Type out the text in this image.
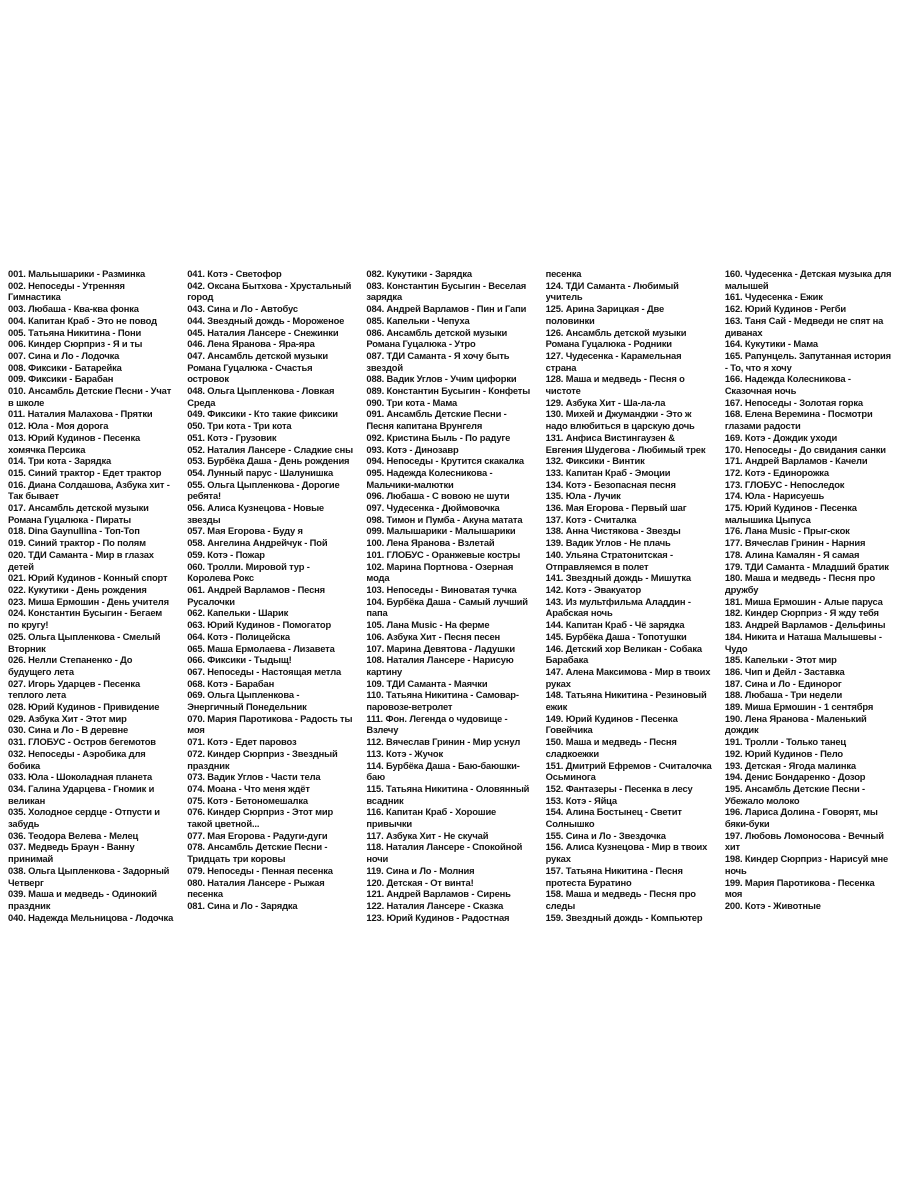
001. Мальышарики - Разминка

002. Непоседы - Утренняя Гимнастика

003. Любаша - Ква-ква фонка

004. Капитан Краб - Это не повод

005. Татьяна Никитина - Пони

006. Киндер Сюрприз - Я и ты

007. Сина и Ло - Лодочка

008. Фиксики - Батарейка

009. Фиксики - Барабан

010. Ансамбль Детские Песни - Учат в школе

011. Наталия Малахова - Прятки

012. Юла - Моя дорога

013. Юрий Кудинов - Песенка хомячка Персика

014. Три кота - Зарядка

015. Синий трактор - Едет трактор

016. Диана Солдашова, Азбука хит - Так бывает

017. Ансамбль детской музыки Романа Гуцалюка - Пираты

018. Dina Gaynullina - Топ-Топ

019. Синий трактор - По полям

020. ТДИ Саманта - Мир в глазах детей

021. Юрий Кудинов - Конный спорт

022. Кукутики - День рождения

023. Миша Ермошин - День учителя

024. Константин Бусыгин - Бегаем по кругу!

025. Ольга Цыпленкова - Смелый Вторник

026. Нелли Степаненко - До будущего лета

027. Игорь Ударцев - Песенка теплого лета

028. Юрий Кудинов - Привидение

029. Азбука Хит - Этот мир

030. Сина и Ло - В деревне

031. ГЛОБУС - Остров бегемотов

032. Непоседы - Аэробика для бобика

033. Юла - Шоколадная планета

034. Галина Ударцева - Гномик и великан

035. Холодное сердце - Отпусти и забудь

036. Теодора Велева - Мелец

037. Медведь Браун - Ванну принимай

038. Ольга Цыпленкова - Задорный Четверг

039. Маша и медведь - Одинокий праздник

040. Надежда Мельницова - Лодочка

041. Котэ - Светофор

042. Оксана Бытхова - Хрустальный город

043. Сина и Ло - Автобус

044. Звездный дождь - Мороженое

045. Наталия Лансере - Снежинки

046. Лена Яранова - Яра-яра

047. Ансамбль детской музыки Романа Гуцалюка - Счастья островок

048. Ольга Цыпленкова - Ловкая Среда

049. Фиксики - Кто такие фиксики

050. Три кота - Три кота

051. Котэ - Грузовик

052. Наталия Лансере - Сладкие сны

053. Бурбёка Даша - День рождения

054. Лунный парус - Шалунишка

055. Ольга Цыпленкова - Дорогие ребята!

056. Алиса Кузнецова - Новые звезды

057. Мая Егорова - Буду я

058. Ангелина Андрейчук - Пой

059. Котэ - Пожар

060. Тролли. Мировой тур - Королева Рокс

061. Андрей Варламов - Песня Русалочки

062. Капельки - Шарик

063. Юрий Кудинов - Помогатор

064. Котэ - Полицейска

065. Маша Ермолаева - Лизавета

066. Фиксики - Тыдыщ!

067. Непоседы - Настоящая метла

068. Котэ - Барабан

069. Ольга Цыпленкова - Энергичный Понедельник

070. Мария Паротикова - Радость ты моя

071. Котэ - Едет паровоз

072. Киндер Сюрприз - Звездный праздник

073. Вадик Углов - Части тела

074. Моана - Что меня ждёт

075. Котэ - Бетономешалка

076. Киндер Сюрприз - Этот мир такой цветной...

077. Мая Егорова - Радуги-дуги

078. Ансамбль Детские Песни - Тридцать три коровы

079. Непоседы - Пенная песенка

080. Наталия Лансере - Рыжая песенка

081. Сина и Ло - Зарядка

082. Кукутики - Зарядка

083. Константин Бусыгин - Веселая зарядка

084. Андрей Варламов - Пин и Гапи

085. Капельки - Чепуха

086. Ансамбль детской музыки Романа Гуцалюка - Утро

087. ТДИ Саманта - Я хочу быть звездой

088. Вадик Углов - Учим цифорки

089. Константин Бусыгин - Конфеты

090. Три кота - Мама

091. Ансамбль Детские Песни - Песня капитана Врунгеля

092. Кристина Быль - По радуге

093. Котэ - Динозавр

094. Непоседы - Крутится скакалка

095. Надежда Колесникова - Мальчики-малютки

096. Любаша - С вовою не шути

097. Чудесенка - Дюймовочка

098. Тимон и Пумба - Акуна матата

099. Малышарики - Малышарики

100. Лена Яранова - Взлетай

101. ГЛОБУС - Оранжевые костры

102. Марина Портнова - Озерная мода

103. Непоседы - Виноватая тучка

104. Бурбёка Даша - Самый лучший папа

105. Лана Music - На ферме

106. Азбука Хит - Песня песен

107. Марина Девятова - Ладушки

108. Наталия Лансере - Нарисую картину

109. ТДИ Саманта - Маячки

110. Татьяна Никитина - Самовар-паровозе-ветролет

111. Фон. Легенда о чудовище - Взлечу

112. Вячеслав Гринин - Мир уснул

113. Котэ - Жучок

114. Бурбёка Даша - Баю-баюшки-баю

115. Татьяна Никитина - Оловянный всадник

116. Капитан Краб - Хорошие привычки

117. Азбука Хит - Не скучай

118. Наталия Лансере - Спокойной ночи

119. Сина и Ло - Молния

120. Детская - От винта!

121. Андрей Варламов - Сирень

122. Наталия Лансере - Сказка

123. Юрий Кудинов - Радостная

песенка

124. ТДИ Саманта - Любимый учитель

125. Арина Зарицкая - Две половинки

126. Ансамбль детской музыки Романа Гуцалюка - Родники

127. Чудесенка - Карамельная страна

128. Маша и медведь - Песня о чистоте

129. Азбука Хит - Ша-ла-ла

130. Михей и Джуманджи - Это ж надо влюбиться в царскую дочь

131. Анфиса Вистингаузен & Евгения Шудегова - Любимый трек

132. Фиксики - Винтик

133. Капитан Краб - Эмоции

134. Котэ - Безопасная песня

135. Юла - Лучик

136. Мая Егорова - Первый шаг

137. Котэ - Считалка

138. Анна Чистякова - Звезды

139. Вадик Углов - Не плачь

140. Ульяна Стратонитская - Отправляемся в полет

141. Звездный дождь - Мишутка

142. Котэ - Эвакуатор

143. Из мультфильма Аладдин - Арабская ночь

144. Капитан Краб - Чё зарядка

145. Бурбёка Даша - Топотушки

146. Детский хор Великан - Собака Барабака

147. Алена Максимова - Мир в твоих руках

148. Татьяна Никитина - Резиновый ежик

149. Юрий Кудинов - Песенка Говейчика

150. Маша и медведь - Песня сладкоежки

151. Дмитрий Ефремов - Считалочка Осьминога

152. Фантазеры - Песенка в лесу

153. Котэ - Яйца

154. Алина Бостынец - Светит Солнышко

155. Сина и Ло - Звездочка

156. Алиса Кузнецова - Мир в твоих руках

157. Татьяна Никитина - Песня протеста Буратино

158. Маша и медведь - Песня про следы

159. Звездный дождь - Компьютер

160. Чудесенка - Детская музыка для малышей

161. Чудесенка - Ежик

162. Юрий Кудинов - Регби

163. Таня Сай - Медведи не спят на диванах

164. Кукутики - Мама

165. Рапунцель. Запутанная история - То, что я хочу

166. Надежда Колесникова - Сказочная ночь

167. Непоседы - Золотая горка

168. Елена Веремина - Посмотри глазами радости

169. Котэ - Дождик уходи

170. Непоседы - До свидания санки

171. Андрей Варламов - Качели

172. Котэ - Единорожка

173. ГЛОБУС - Непоследок

174. Юла - Нарисуешь

175. Юрий Кудинов - Песенка малышика Цыпуса

176. Лана Music - Прыг-скок

177. Вячеслав Гринин - Нарния

178. Алина Камалян - Я самая

179. ТДИ Саманта - Младший братик

180. Маша и медведь - Песня про дружбу

181. Миша Ермошин - Алые паруса

182. Киндер Сюрприз - Я жду тебя

183. Андрей Варламов - Дельфины

184. Никита и Наташа Малышевы - Чудо

185. Капельки - Этот мир

186. Чип и Дейл - Заставка

187. Сина и Ло - Единорог

188. Любаша - Три недели

189. Миша Ермошин - 1 сентября

190. Лена Яранова - Маленький дождик

191. Тролли - Только танец

192. Юрий Кудинов - Пело

193. Детская - Ягода малинка

194. Денис Бондаренко - Дозор

195. Ансамбль Детские Песни - Убежало молоко

196. Лариса Долина - Говорят, мы бяки-буки

197. Любовь Ломоносова - Вечный хит

198. Киндер Сюрприз - Нарисуй мне ночь

199. Мария Паротикова - Песенка моя

200. Котэ - Животные
